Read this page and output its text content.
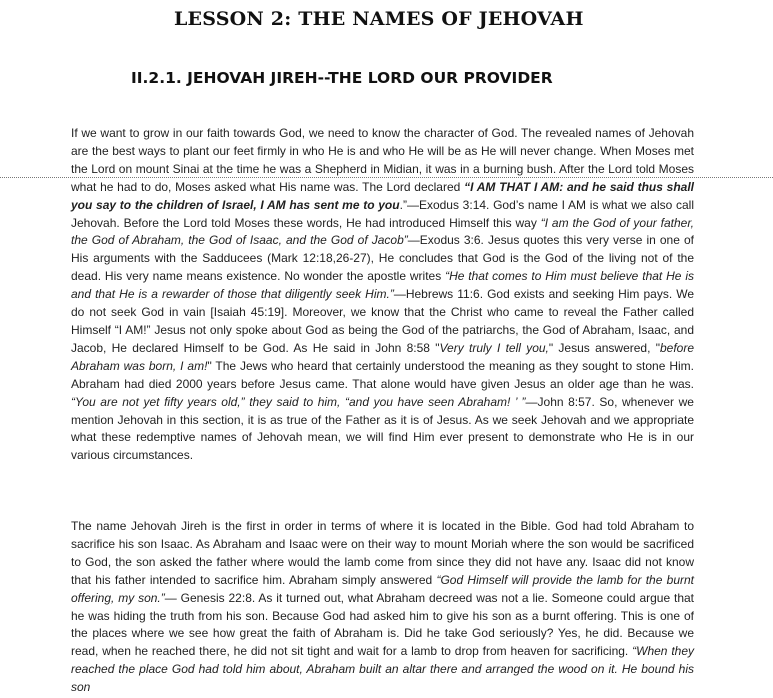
LESSON 2: THE NAMES OF JEHOVAH
II.2.1. JEHOVAH JIREH--THE LORD OUR PROVIDER

If we want to grow in our faith towards God, we need to know the character of God. The revealed names of Jehovah are the best ways to plant our feet firmly in who He is and who He will be as He will never change. When Moses met the Lord on mount Sinai at the time he was a Shepherd in Midian, it was in a burning bush. After the Lord told Moses what he had to do, Moses asked what His name was. The Lord declared “I AM THAT I AM: and he said thus shall you say to the children of Israel, I AM has sent me to you.”—Exodus 3:14. God’s name I AM is what we also call Jehovah. Before the Lord told Moses these words, He had introduced Himself this way “I am the God of your father, the God of Abraham, the God of Isaac, and the God of Jacob”—Exodus 3:6. Jesus quotes this very verse in one of His arguments with the Sadducees (Mark 12:18,26-27), He concludes that God is the God of the living not of the dead. His very name means existence. No wonder the apostle writes “He that comes to Him must believe that He is and that He is a rewarder of those that diligently seek Him.”—Hebrews 11:6. God exists and seeking Him pays. We do not seek God in vain [Isaiah 45:19]. Moreover, we know that the Christ who came to reveal the Father called Himself “I AM!” Jesus not only spoke about God as being the God of the patriarchs, the God of Abraham, Isaac, and Jacob, He declared Himself to be God. As He said in John 8:58 "Very truly I tell you," Jesus answered, "before Abraham was born, I am!" The Jews who heard that certainly understood the meaning as they sought to stone Him. Abraham had died 2000 years before Jesus came. That alone would have given Jesus an older age than he was. “You are not yet fifty years old,” they said to him, “and you have seen Abraham! ’ ”—John 8:57. So, whenever we mention Jehovah in this section, it is as true of the Father as it is of Jesus. As we seek Jehovah and we appropriate what these redemptive names of Jehovah mean, we will find Him ever present to demonstrate who He is in our various circumstances.

The name Jehovah Jireh is the first in order in terms of where it is located in the Bible. God had told Abraham to sacrifice his son Isaac. As Abraham and Isaac were on their way to mount Moriah where the son would be sacrificed to God, the son asked the father where would the lamb come from since they did not have any. Isaac did not know that his father intended to sacrifice him. Abraham simply answered “God Himself will provide the lamb for the burnt offering, my son.”— Genesis 22:8. As it turned out, what Abraham decreed was not a lie. Someone could argue that he was hiding the truth from his son. Because God had asked him to give his son as a burnt offering. This is one of the places where we see how great the faith of Abraham is. Did he take God seriously? Yes, he did. Because we read, when he reached there, he did not sit tight and wait for a lamb to drop from heaven for sacrificing. “When they reached the place God had told him about, Abraham built an altar there and arranged the wood on it. He bound his son
